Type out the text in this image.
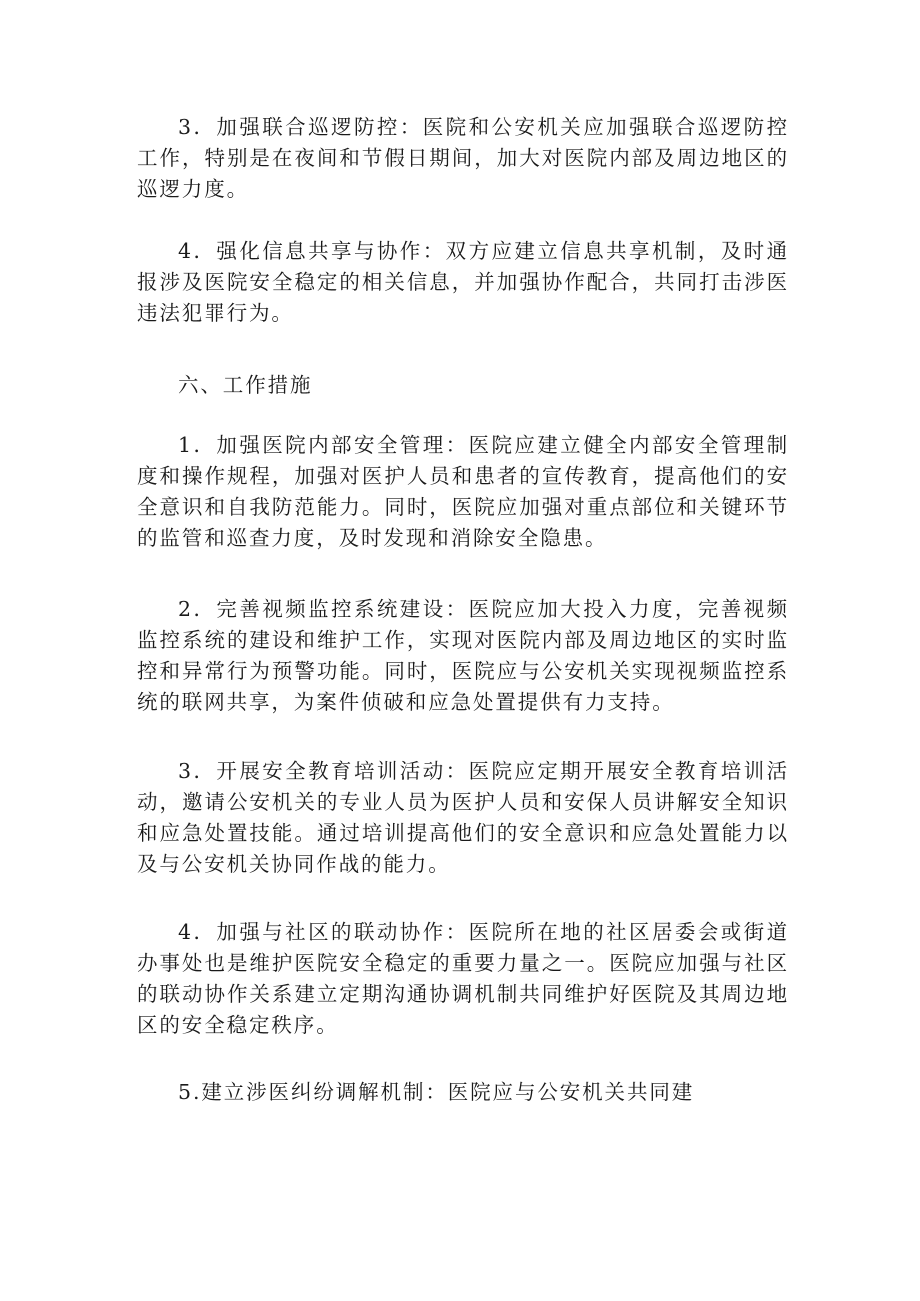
3．加强联合巡逻防控：医院和公安机关应加强联合巡逻防控工作，特别是在夜间和节假日期间，加大对医院内部及周边地区的巡逻力度。

4．强化信息共享与协作：双方应建立信息共享机制，及时通报涉及医院安全稳定的相关信息，并加强协作配合，共同打击涉医违法犯罪行为。

六、工作措施

1．加强医院内部安全管理：医院应建立健全内部安全管理制度和操作规程，加强对医护人员和患者的宣传教育，提高他们的安全意识和自我防范能力。同时，医院应加强对重点部位和关键环节的监管和巡查力度，及时发现和消除安全隐患。

2．完善视频监控系统建设：医院应加大投入力度，完善视频监控系统的建设和维护工作，实现对医院内部及周边地区的实时监控和异常行为预警功能。同时，医院应与公安机关实现视频监控系统的联网共享，为案件侦破和应急处置提供有力支持。

3．开展安全教育培训活动：医院应定期开展安全教育培训活动，邀请公安机关的专业人员为医护人员和安保人员讲解安全知识和应急处置技能。通过培训提高他们的安全意识和应急处置能力以及与公安机关协同作战的能力。

4．加强与社区的联动协作：医院所在地的社区居委会或街道办事处也是维护医院安全稳定的重要力量之一。医院应加强与社区的联动协作关系建立定期沟通协调机制共同维护好医院及其周边地区的安全稳定秩序。

5.建立涉医纠纷调解机制：医院应与公安机关共同建
